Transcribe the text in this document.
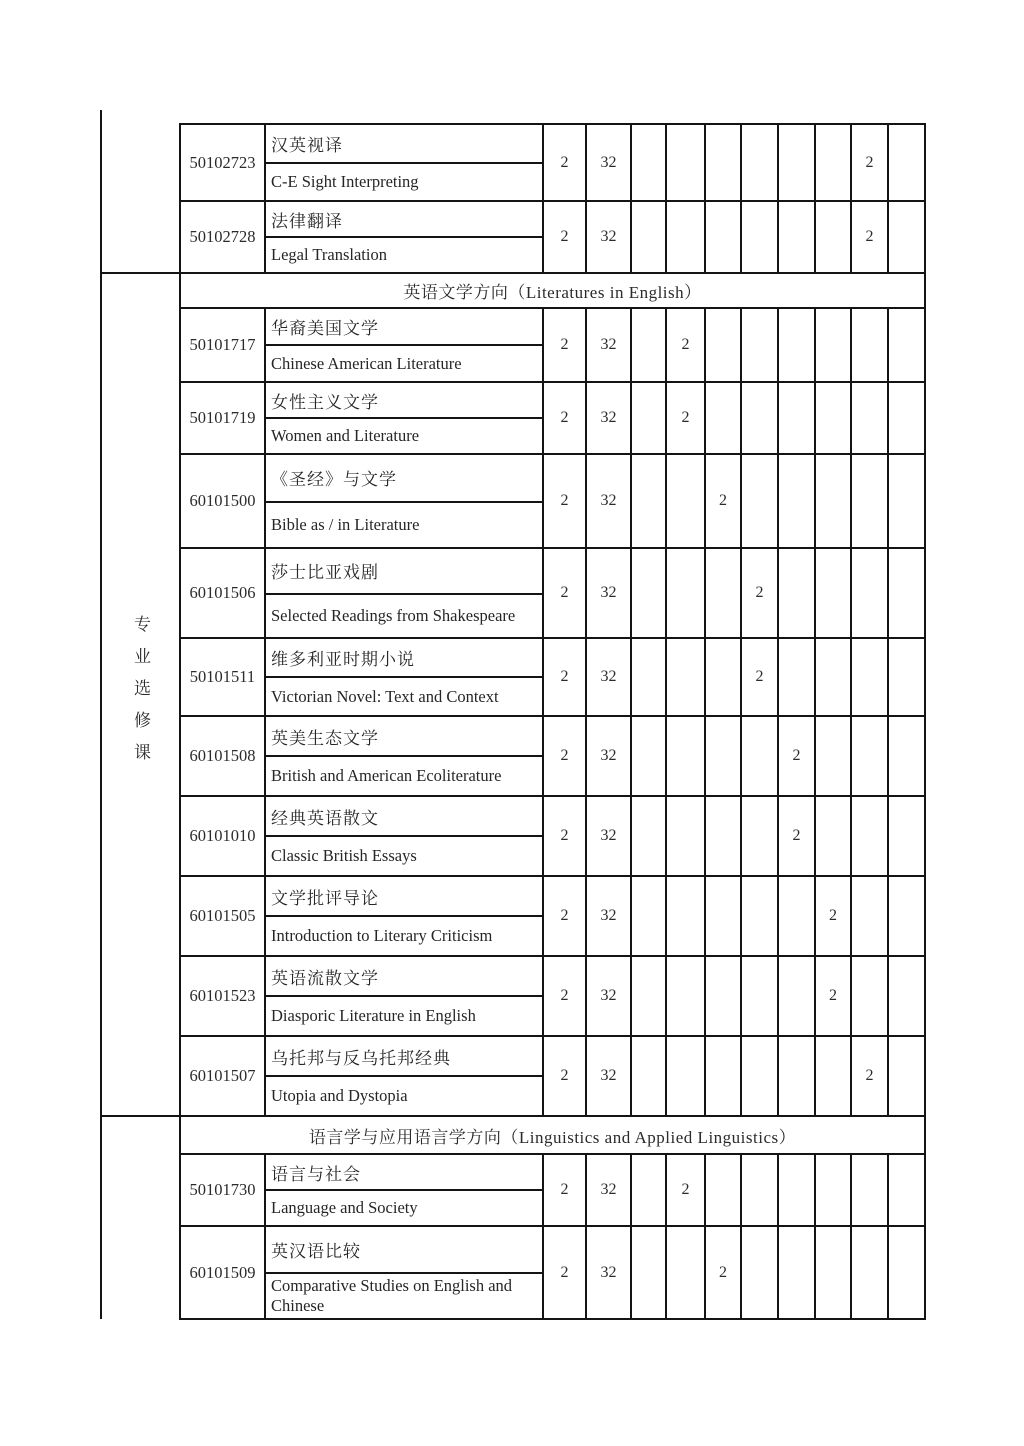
	50102723	汉英视译
C-E Sight Interpreting	2	32							2	
	50102728	法律翻译
Legal Translation	2	32							2	

专业选修课	英语文学方向（Literatures in English）											
	50101717	华裔美国文学
Chinese American Literature	2	32		2						
	50101719	女性主义文学
Women and Literature	2	32		2						
	60101500	《圣经》与文学
Bible as / in Literature	2	32			2					
	60101506	莎士比亚戏剧
Selected Readings from Shakespeare	2	32				2				
	50101511	维多利亚时期小说
Victorian Novel: Text and Context	2	32				2				
	60101508	英美生态文学
British and American Ecoliterature	2	32					2			
	60101010	经典英语散文
Classic British Essays	2	32					2			
	60101505	文学批评导论
Introduction to Literary Criticism	2	32						2		
	60101523	英语流散文学
Diasporic Literature in English	2	32						2		
	60101507	乌托邦与反乌托邦经典
Utopia and Dystopia	2	32							2	
	语言学与应用语言学方向（Linguistics and Applied Linguistics）											
	50101730	语言与社会
Language and Society	2	32		2						
	60101509	英汉语比较
Comparative Studies on English and Chinese	2	32			2					
